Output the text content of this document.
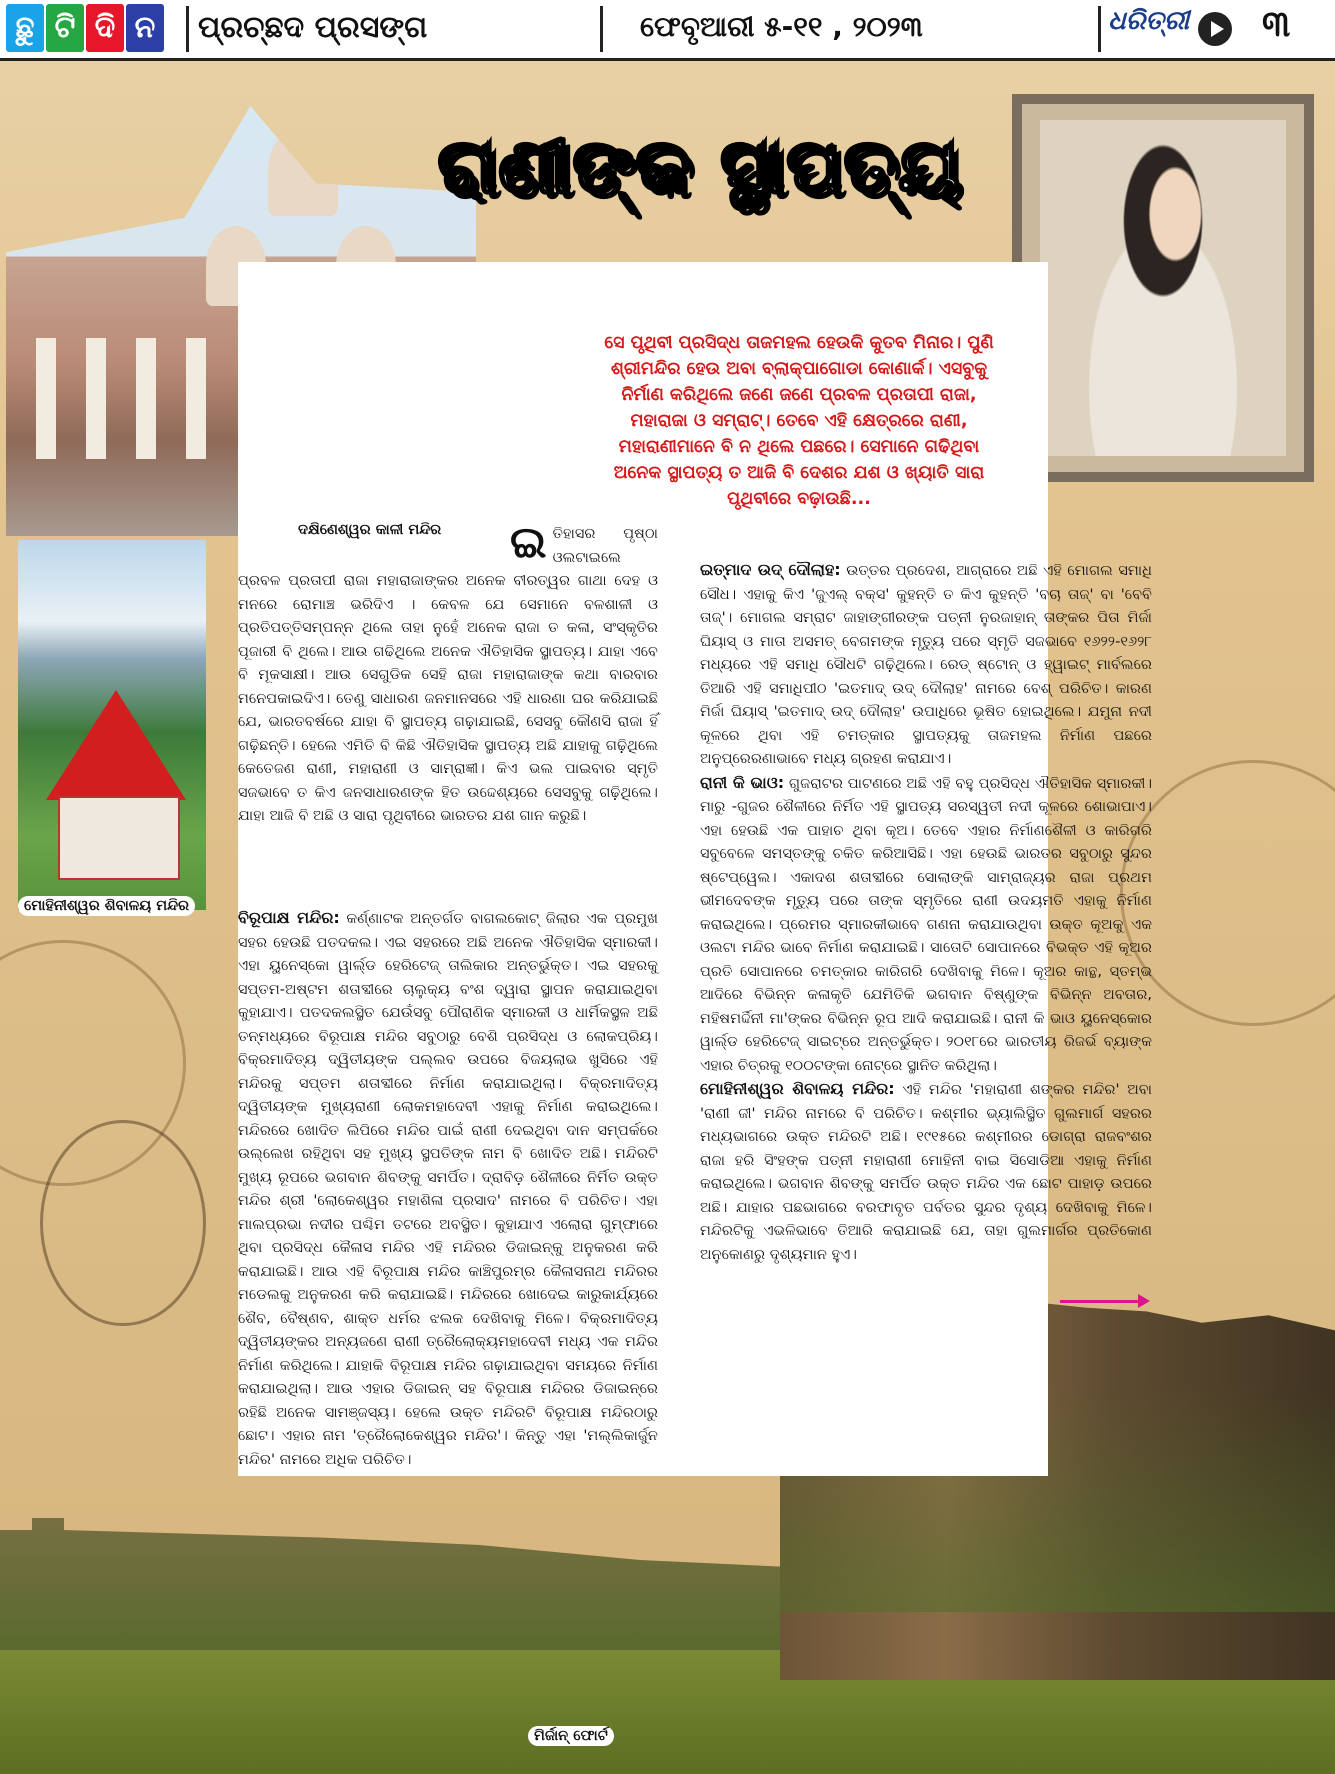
ଛୁ ଟି ଦି ନ ପ୍ରଚ୍ଛଦ ପ୍ରସଙ୍ଗ	ଫେବୃଆରୀ ୫-୧୧ , ୨୦୨୩	ଧରିତ୍ରୀ ୩
ରାଣୀଙ୍କ ସ୍ଥାପତ୍ୟ
ସେ ପୃଥିବୀ ପ୍ରସିଦ୍ଧ ତାଜମହଲ ହେଉକି କୁତବ ମିନାର। ପୁଣି ଶ୍ରୀମନ୍ଦିର ହେଉ ଅବା ବ୍ଲାକ୍‌ପାଗୋଡା କୋଣାର୍କ। ଏସବୁକୁ ନିର୍ମାଣ କରିଥିଲେ ଜଣେ ଜଣେ ପ୍ରବଳ ପ୍ରତାପୀ ରାଜା, ମହାରାଜା ଓ ସମ୍ରାଟ୍। ତେବେ ଏହି କ୍ଷେତ୍ରରେ ରାଣୀ, ମହାରାଣୀମାନେ ବି ନ ଥିଲେ ପଛରେ। ସେମାନେ ଗଢିଥିବା ଅନେକ ସ୍ଥାପତ୍ୟ ତ ଆଜି ବି ଦେଶର ଯଶ ଓ ଖ୍ୟାତି ସାରା ପୃଥିବୀରେ ବଢ଼ାଉଛି...

ଇ ତିହାସର ପୃଷ୍ଠା ଓଲଟାଇଲେ ପ୍ରବଳ ପ୍ରତାପୀ ରାଜା ମହାରାଜାଙ୍କର ଅନେକ ବୀରତ୍ୱର ଗାଥା ଦେହ ଓ ମନରେ ରୋମାଞ୍ଚ ଭରିଦିଏ । କେବଳ ଯେ ସେମାନେ ବଳଶାଳୀ ଓ ପ୍ରତିପତ୍ତିସମ୍ପନ୍ନ ଥିଲେ ତାହା ନୁହେଁ ଅନେକ ରାଜା ତ କଳା, ସଂସ୍କୃତିର ପୂଜାରୀ ବି ଥିଲେ। ଆଉ ଗଢିଥିଲେ ଅନେକ ଐତିହାସିକ ସ୍ଥାପତ୍ୟ। ଯାହା ଏବେ ବି ମୂକସାକ୍ଷୀ। ଆଉ ସେଗୁଡିକ ସେହି ରାଜା ମହାରାଜାଙ୍କ କଥା ବାରବାର ମନେପକାଇଦିଏ। ତେଣୁ ସାଧାରଣ ଜନମାନସରେ ଏହି ଧାରଣା ଘର କରିଯାଇଛି ଯେ, ଭାରତବର୍ଷରେ ଯାହା ବି ସ୍ଥାପତ୍ୟ ଗଢ଼ାଯାଇଛି, ସେସବୁ କୌଣସି ରାଜା ହିଁ ଗଢ଼ିଛନ୍ତି। ହେଲେ ଏମିତି ବି କିଛି ଐତିହାସିକ ସ୍ଥାପତ୍ୟ ଅଛି ଯାହାକୁ ଗଢ଼ିଥିଲେ କେତେଜଣ ରାଣୀ, ମହାରାଣୀ ଓ ସାମ୍ରାଜ୍ଞୀ। କିଏ ଭଲ ପାଇବାର ସ୍ମୃତି ସଜଭାବେ ତ କିଏ ଜନସାଧାରଣଙ୍କ ହିତ ଉଦ୍ଦେଶ୍ୟରେ ସେସବୁକୁ ଗଢ଼ିଥିଲେ। ଯାହା ଆଜି ବି ଅଛି ଓ ସାରା ପୃଥିବୀରେ ଭାରତର ଯଶ ଗାନ କରୁଛି।

ବିରୂପାକ୍ଷ ମନ୍ଦିର: କର୍ଣ୍ଣାଟକ ଅନ୍ତର୍ଗତ ବାଗଲକୋଟ୍ ଜିଲାର ଏକ ପ୍ରମୁଖ ସହର ହେଉଛି ପତଦକଲ। ଏଇ ସହରରେ ଅଛି ଅନେକ ଐତିହାସିକ ସ୍ମାରକୀ। ଏହା ୟୁନେସ୍କୋ ୱାର୍ଲ୍ଡ ହେରିଟେଜ୍ ତାଲିକାର ଅନ୍ତର୍ଭୁକ୍ତ। ଏଇ ସହରକୁ ସପ୍ତମ-ଅଷ୍ଟମ ଶତାବ୍ଦୀରେ ଚାଲୁକ୍ୟ ବଂଶ ଦ୍ୱାରା ସ୍ଥାପନ କରାଯାଇଥିବା କୁହାଯାଏ। ପତଦକଲସ୍ଥିତ ଯେଉଁସବୁ ପୌରାଣିକ ସ୍ମାରକୀ ଓ ଧାର୍ମିକସ୍ଥଳ ଅଛି ତନ୍ମଧ୍ୟରେ ବିରୂପାକ୍ଷ ମନ୍ଦିର ସବୁଠାରୁ ବେଶି ପ୍ରସିଦ୍ଧ ଓ ଲୋକପ୍ରିୟ। ବିକ୍ରମାଦିତ୍ୟ ଦ୍ୱିତୀୟଙ୍କ ପଲ୍ଲବ ଉପରେ ବିଜୟଲାଭ ଖୁସିରେ ଏହି ମନ୍ଦିରକୁ ସପ୍ତମ ଶତାବ୍ଦୀରେ ନିର୍ମାଣ କରାଯାଇଥିଲା। ବିକ୍ରମାଦିତ୍ୟ ଦ୍ୱିତୀୟଙ୍କ ମୁଖ୍ୟରାଣୀ ଲୋକମହାଦେବୀ ଏହାକୁ ନିର୍ମାଣ କରାଇଥିଲେ। ମନ୍ଦିରରେ ଖୋଦିତ ଲିପିରେ ମନ୍ଦିର ପାଇଁ ରାଣୀ ଦେଇଥିବା ଦାନ ସମ୍ପର୍କରେ ଉଲ୍ଲେଖ ରହିଥିବା ସହ ମୁଖ୍ୟ ସ୍ଥପତିଙ୍କ ନାମ ବି ଖୋଦିତ ଅଛି। ମନ୍ଦିରଟି ମୁଖ୍ୟ ରୂପରେ ଭଗବାନ ଶିବଙ୍କୁ ସମର୍ପିତ। ଦ୍ରାବିଡ଼ ଶୈଳୀରେ ନିର୍ମିତ ଉକ୍ତ ମନ୍ଦିର ଶ୍ରୀ 'ଲୋକେଶ୍ୱର ମହାଶିଳା ପ୍ରସାଦ' ନାମରେ ବି ପରିଚିତ। ଏହା ମାଲପ୍ରଭା ନଦୀର ପଶ୍ଚିମ ତଟରେ ଅବସ୍ଥିତ। କୁହାଯାଏ ଏଲୋରା ଗୁମ୍ଫାରେ ଥିବା ପ୍ରସିଦ୍ଧ କୈଳାସ ମନ୍ଦିର ଏହି ମନ୍ଦିରର ଡିଜାଇନ୍‌କୁ ଅନୁକରଣ କରି କରାଯାଇଛି। ଆଉ ଏହି ବିରୂପାକ୍ଷ ମନ୍ଦିର କାଞ୍ଚିପୁରମ୍‌ର କୈଳାସନାଥ ମନ୍ଦିରର ମଡେଲକୁ ଅନୁକରଣ କରି କରାଯାଇଛି। ମନ୍ଦିରରେ ଖୋଦେଇ କାରୁକାର୍ଯ୍ୟରେ ଶୈବ, ବୈଷ୍ଣବ, ଶାକ୍ତ ଧର୍ମର ଝଲକ ଦେଖିବାକୁ ମିଳେ। ବିକ୍ରମାଦିତ୍ୟ ଦ୍ୱିତୀୟଙ୍କର ଅନ୍ୟଜଣେ ରାଣୀ ତ୍ରୈଲୋକ୍ୟମହାଦେବୀ ମଧ୍ୟ ଏକ ମନ୍ଦିର ନିର୍ମାଣ କରିଥିଲେ। ଯାହାକି ବିରୂପାକ୍ଷ ମନ୍ଦିର ଗଢ଼ାଯାଇଥିବା ସମୟରେ ନିର୍ମାଣ କରାଯାଇଥିଲା। ଆଉ ଏହାର ଡିଜାଇନ୍ ସହ ବିରୂପାକ୍ଷ ମନ୍ଦିରର ଡିଜାଇନ୍‌ରେ ରହିଛି ଅନେକ ସାମଞ୍ଜସ୍ୟ। ହେଲେ ଉକ୍ତ ମନ୍ଦିରଟି ବିରୂପାକ୍ଷ ମନ୍ଦିରଠାରୁ ଛୋଟ। ଏହାର ନାମ 'ତ୍ରୈଲୋକେଶ୍ୱର ମନ୍ଦିର'। କିନ୍ତୁ ଏହା 'ମଲ୍ଲିକାର୍ଜୁନ ମନ୍ଦିର' ନାମରେ ଅଧିକ ପରିଚିତ।

ଇତ୍‌ମାଦ ଉଦ୍ ଦୌଲାହ: ଉତ୍ତର ପ୍ରଦେଶ, ଆଗ୍ରାରେ ଅଛି ଏହି ମୋଗଲ ସମାଧି ସୌଧ। ଏହାକୁ କିଏ 'ଜୁଏଲ୍ ବକ୍ସ' କୁହନ୍ତି ତ କିଏ କୁହନ୍ତି 'ବଚା ତାଜ୍' ବା 'ବେବି ତାଜ୍'। ମୋଗଲ ସମ୍ରାଟ ଜାହାଙ୍ଗୀରଙ୍କ ପତ୍ନୀ ନୁରଜାହାନ୍ ତାଙ୍କର ପିତା ମିର୍ଜା ଘିୟାସ୍ ଓ ମାତା ଅସମତ୍ ବେଗମଙ୍କ ମୃତ୍ୟୁ ପରେ ସ୍ମୃତି ସଜଭାବେ ୧୬୨୨-୧୬୨୮ ମଧ୍ୟରେ ଏହି ସମାଧି ସୌଧଟି ଗଢ଼ିଥିଲେ। ରେଡ୍ ଷ୍ଟୋନ୍ ଓ ହ୍ୱାଇଟ୍ ମାର୍ବଲରେ ତିଆରି ଏହି ସମାଧିପୀଠ 'ଇତମାଦ୍ ଉଦ୍ ଦୌଲାହ' ନାମରେ ବେଶ୍ ପରିଚିତ। କାରଣ ମିର୍ଜା ଘିୟାସ୍ 'ଇତମାଦ୍ ଉଦ୍ ଦୌଲାହ' ଉପାଧିରେ ଭୂଷିତ ହୋଇଥିଲେ। ଯମୁନା ନଦୀ କୂଳରେ ଥିବା ଏହି ଚମତ୍କାର ସ୍ଥାପତ୍ୟକୁ ତାଜମହଲ ନିର୍ମାଣ ପଛରେ ଅନୁପ୍ରେରଣାଭାବେ ମଧ୍ୟ ଗ୍ରହଣ କରାଯାଏ।

ରାନୀ କି ଭାଓ: ଗୁଜରାଟର ପାଟଣରେ ଅଛି ଏହି ବହୁ ପ୍ରସିଦ୍ଧ ଐତିହାସିକ ସ୍ମାରକୀ। ମାରୁ -ଗୁଜର ଶୈଳୀରେ ନିର୍ମିତ ଏହି ସ୍ଥାପତ୍ୟ ସରସ୍ୱତୀ ନଦୀ କୂଳରେ ଶୋଭାପାଏ। ଏହା ହେଉଛି ଏକ ପାହାଚ ଥିବା କୂଅ। ତେବେ ଏହାର ନିର୍ମାଣଶୈଳୀ ଓ କାରିଗରି ସବୁବେଳେ ସମସ୍ତଙ୍କୁ ଚକିତ କରିଆସିଛି। ଏହା ହେଉଛି ଭାରତର ସବୁଠାରୁ ସୁନ୍ଦର ଷ୍ଟେପ୍‌ୱେଲ। ଏକାଦଶ ଶତାବ୍ଦୀରେ ସୋଲାଙ୍କି ସାମ୍ରାଜ୍ୟର ରାଜା ପ୍ରଥମ ଭୀମଦେବଙ୍କ ମୃତ୍ୟୁ ପରେ ତାଙ୍କ ସ୍ମୃତିରେ ରାଣୀ ଉଦୟମତି ଏହାକୁ ନିର୍ମାଣ କରାଇଥିଲେ। ପ୍ରେମର ସ୍ମାରକୀଭାବେ ଗଣନା କରାଯାଉଥିବା ଉକ୍ତ କୂଅକୁ ଏକ ଓଲଟା ମନ୍ଦିର ଭାବେ ନିର୍ମାଣ କରାଯାଇଛି। ସାତୋଟି ସୋପାନରେ ବିଭକ୍ତ ଏହି କୂଅର ପ୍ରତି ସୋପାନରେ ଚମତ୍କାର କାରିଗରି ଦେଖିବାକୁ ମିଳେ। କୂଅର କାନ୍ଥ, ସ୍ତମ୍ଭ ଆଦିରେ ବିଭିନ୍ନ କଳାକୃତି ଯେମିତିକି ଭଗବାନ ବିଷ୍ଣୁଙ୍କ ବିଭିନ୍ନ ଅବତାର, ମହିଷମର୍ଦ୍ଦିନୀ ମା'ଙ୍କର ବିଭିନ୍ନ ରୂପ ଆଦି କରାଯାଇଛି। ରାନୀ କି ଭାଓ ୟୁନେସ୍କୋର ୱାର୍ଲ୍ଡ ହେରିଟେଜ୍ ସାଇଟ୍‌ରେ ଅନ୍ତର୍ଭୁକ୍ତ। ୨୦୧୮ରେ ଭାରତୀୟ ରିଜର୍ଭ ବ୍ୟାଙ୍କ ଏହାର ଚିତ୍ରକୁ ୧୦୦ଟଙ୍କା ନୋଟ୍‌ରେ ସ୍ଥାନିତ କରିଥିଲା।

ମୋହିନୀଶ୍ୱର ଶିବାଳୟ ମନ୍ଦିର: ଏହି ମନ୍ଦିର 'ମହାରାଣୀ ଶଙ୍କର ମନ୍ଦିର' ଅବା 'ରାଣୀ ଜୀ' ମନ୍ଦିର ନାମରେ ବି ପରିଚିତ। କଶ୍ମୀର ଭ୍ୟାଲିସ୍ଥିତ ଗୁଲମାର୍ଗ ସହରର ମଧ୍ୟଭାଗରେ ଉକ୍ତ ମନ୍ଦିରଟି ଅଛି। ୧୯୧୫ରେ କଶ୍ମୀରର ଡୋଗ୍ରା ରାଜବଂଶର ରାଜା ହରି ସିଂହଙ୍କ ପତ୍ନୀ ମହାରାଣୀ ମୋହିନୀ ବାଇ ସିସୋଡିଆ ଏହାକୁ ନିର୍ମାଣ କରାଇଥିଲେ। ଭଗବାନ ଶିବଙ୍କୁ ସମର୍ପିତ ଉକ୍ତ ମନ୍ଦିର ଏକ ଛୋଟ ପାହାଡ଼ ଉପରେ ଅଛି। ଯାହାର ପଛଭାଗରେ ବରଫାବୃତ ପର୍ବତର ସୁନ୍ଦର ଦୃଶ୍ୟ ଦେଖିବାକୁ ମିଳେ। ମନ୍ଦିରଟିକୁ ଏଭଳିଭାବେ ତିଆରି କରାଯାଇଛି ଯେ, ତାହା ଗୁଲମାର୍ଗର ପ୍ରତିକୋଣ ଅନୁକୋଣରୁ ଦୃଶ୍ୟମାନ ହୁଏ।

ଦକ୍ଷିଣେଶ୍ୱର କାଳୀ ମନ୍ଦିର
ମୋହିନୀଶ୍ୱର ଶିବାଳୟ ମନ୍ଦିର
ମିର୍ଜାନ୍ ଫୋର୍ଟ
